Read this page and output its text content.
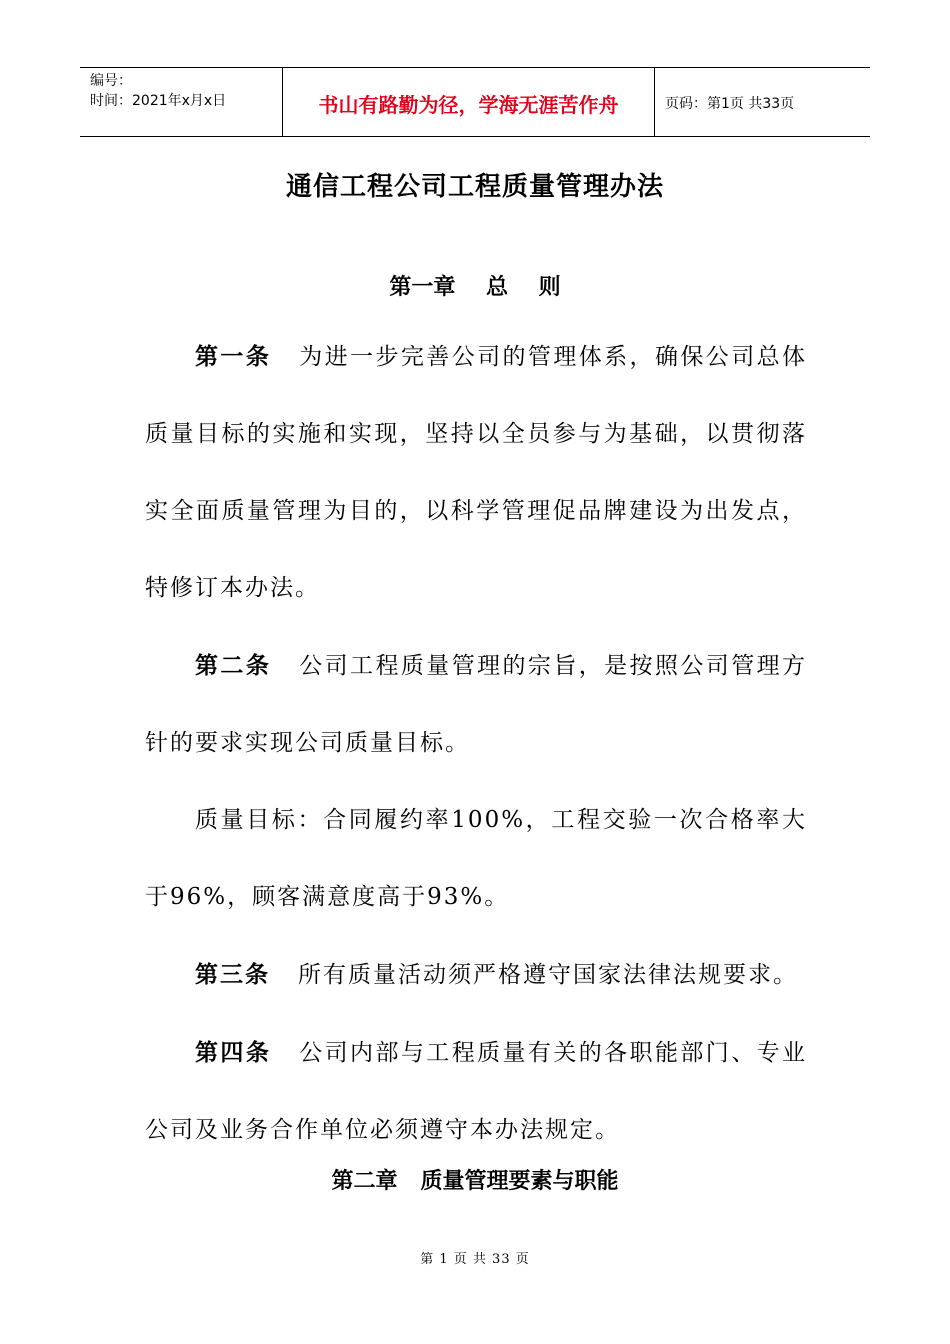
编号：
时间：2021年x月x日	书山有路勤为径，学海无涯苦作舟	页码：第1页 共33页
通信工程公司工程质量管理办法
第一章    总    则

第一条 为进一步完善公司的管理体系，确保公司总体质量目标的实施和实现，坚持以全员参与为基础，以贯彻落实全面质量管理为目的，以科学管理促品牌建设为出发点，特修订本办法。

第二条 公司工程质量管理的宗旨，是按照公司管理方针的要求实现公司质量目标。

质量目标：合同履约率100%，工程交验一次合格率大于96%，顾客满意度高于93%。

第三条 所有质量活动须严格遵守国家法律法规要求。

第四条 公司内部与工程质量有关的各职能部门、专业公司及业务合作单位必须遵守本办法规定。

第二章   质量管理要素与职能
第 1 页 共 33 页
